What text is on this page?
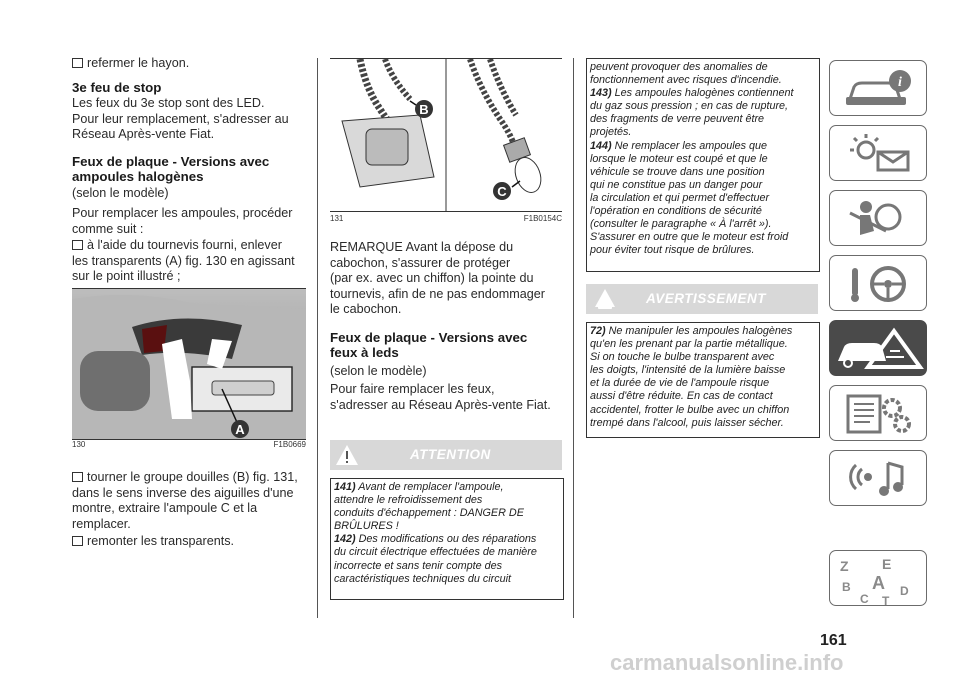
refermer le hayon.

3e feu de stop

Les feux du 3e stop sont des LED.

Pour leur remplacement, s'adresser au

Réseau Après-vente Fiat.

Feux de plaque - Versions avec

ampoules halogènes

(selon le modèle)

Pour remplacer les ampoules, procéder

comme suit :

à l'aide du tournevis fourni, enlever

les transparents (A) fig. 130 en agissant

sur le point illustré ;

A
130	F1B0669

tourner le groupe douilles (B) fig. 131,

dans le sens inverse des aiguilles d'une

montre, extraire l'ampoule C et la

remplacer.

remonter les transparents.

B
C
131	F1B0154C

REMARQUE Avant la dépose du

cabochon, s'assurer de protéger

(par ex. avec un chiffon) la pointe du

tournevis, afin de ne pas endommager

le cabochon.

Feux de plaque - Versions avec

feux à leds

(selon le modèle)

Pour faire remplacer les feux,

s'adresser au Réseau Après-vente Fiat.

ATTENTION

141) Avant de remplacer l'ampoule,

attendre le refroidissement des

conduits d'échappement : DANGER DE

BRÛLURES !

142) Des modifications ou des réparations

du circuit électrique effectuées de manière

incorrecte et sans tenir compte des

caractéristiques techniques du circuit

peuvent provoquer des anomalies de

fonctionnement avec risques d'incendie.

143) Les ampoules halogènes contiennent

du gaz sous pression ; en cas de rupture,

des fragments de verre peuvent être

projetés.

144) Ne remplacer les ampoules que

lorsque le moteur est coupé et que le

véhicule se trouve dans une position

qui ne constitue pas un danger pour

la circulation et qui permet d'effectuer

l'opération en conditions de sécurité

(consulter le paragraphe « À l'arrêt »).

S'assurer en outre que le moteur est froid

pour éviter tout risque de brûlures.

AVERTISSEMENT

72) Ne manipuler les ampoules halogènes

qu'en les prenant par la partie métallique.

Si on touche le bulbe transparent avec

les doigts, l'intensité de la lumière baisse

et la durée de vie de l'ampoule risque

aussi d'être réduite. En cas de contact

accidentel, frotter le bulbe avec un chiffon

trempé dans l'alcool, puis laisser sécher.

i
Z E
B A D
C T
161
carmanualsonline.info
